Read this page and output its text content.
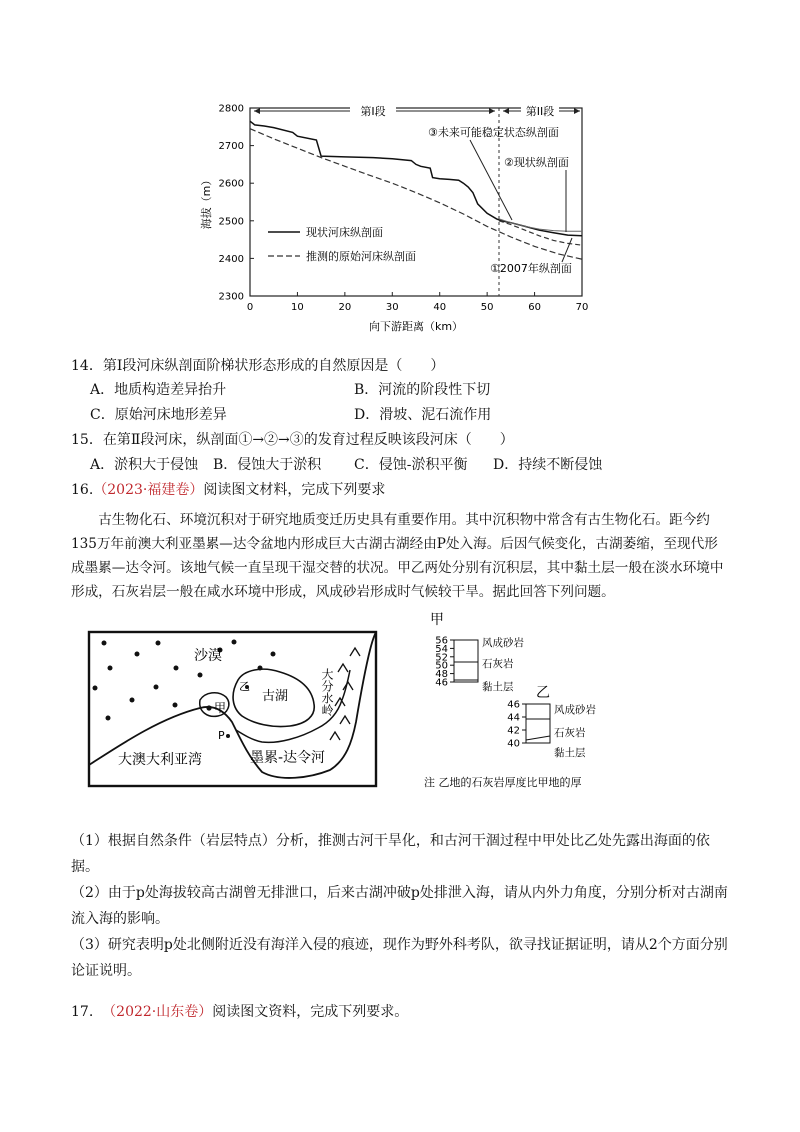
0	10	20	30	40	50	60	70
2800
2700
2600
2500
2400
2300
向下游距离（km）
海拔（m）
第I段	第II段
③未来可能稳定状态纵剖面
②现状纵剖面
①2007年纵剖面
现状河床纵剖面
推测的原始河床纵剖面
14．第Ⅰ段河床纵剖面阶梯状形态形成的自然原因是（　　）
A．地质构造差异抬升	B．河流的阶段性下切
C．原始河床地形差异	D．滑坡、泥石流作用
15．在第Ⅱ段河床，纵剖面①→②→③的发育过程反映该段河床（　　）
A．淤积大于侵蚀 B．侵蚀大于淤积 C．侵蚀-淤积平衡 D．持续不断侵蚀
16.（2023·福建卷）阅读图文材料，完成下列要求
古生物化石、环境沉积对于研究地质变迁历史具有重要作用。其中沉积物中常含有古生物化石。距今约135万年前澳大利亚墨累—达令盆地内形成巨大古湖古湖经由P处入海。后因气候变化，古湖萎缩，至现代形成墨累—达令河。该地气候一直呈现干湿交替的状况。甲乙两处分别有沉积层，其中黏土层一般在淡水环境中形成，石灰岩层一般在咸水环境中形成，风成砂岩形成时气候较干旱。据此回答下列问题。
沙漠
古湖	大分水岭
甲
乙
P
大澳大利亚湾	墨累-达令河
甲
56
54
52
50
48
46
风成砂岩
石灰岩
黏土层 乙
46
44
42
40
风成砂岩
石灰岩
黏土层
注 乙地的石灰岩厚度比甲地的厚
（1）根据自然条件（岩层特点）分析，推测古河干旱化，和古河干涸过程中甲处比乙处先露出海面的依据。
（2）由于p处海拔较高古湖曾无排泄口，后来古湖冲破p处排泄入海，请从内外力角度，分别分析对古湖南流入海的影响。
（3）研究表明p处北侧附近没有海洋入侵的痕迹，现作为野外科考队，欲寻找证据证明，请从2个方面分别论证说明。
17. （2022·山东卷）阅读图文资料，完成下列要求。
